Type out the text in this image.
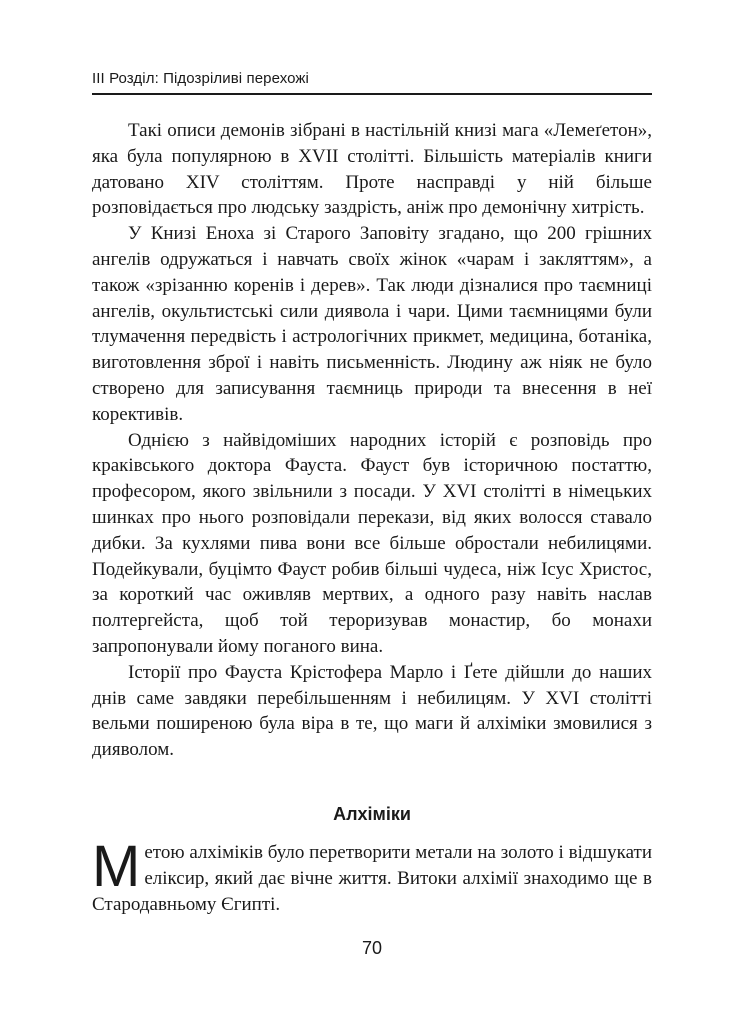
III Розділ: Підозріливі перехожі

Такі описи демонів зібрані в настільній книзі мага «Лемеґетон», яка була популярною в XVII столітті. Більшість матеріалів книги датовано XIV століттям. Проте насправді у ній більше розповідається про людську заздрість, аніж про демонічну хитрість.

У Книзі Еноха зі Старого Заповіту згадано, що 200 грішних ангелів одружаться і навчать своїх жінок «чарам і закляттям», а також «зрізанню коренів і дерев». Так люди дізналися про таємниці ангелів, окультистські сили диявола і чари. Цими таємницями були тлумачення передвість і астрологічних прикмет, медицина, ботаніка, виготовлення зброї і навіть письменність. Людину аж ніяк не було створено для записування таємниць природи та внесення в неї корективів.

Однією з найвідоміших народних історій є розповідь про краківського доктора Фауста. Фауст був історичною постаттю, професором, якого звільнили з посади. У XVI столітті в німецьких шинках про нього розповідали перекази, від яких волосся ставало дибки. За кухлями пива вони все більше обростали небилицями. Подейкували, буцімто Фауст робив більші чудеса, ніж Ісус Христос, за короткий час оживляв мертвих, а одного разу навіть наслав полтергейста, щоб той тероризував монастир, бо монахи запропонували йому поганого вина.

Історії про Фауста Крістофера Марло і Ґете дійшли до наших днів саме завдяки перебільшенням і небилицям. У XVI столітті вельми поширеною була віра в те, що маги й алхіміки змовилися з дияволом.

Алхіміки

Метою алхіміків було перетворити метали на золото і відшукати еліксир, який дає вічне життя. Витоки алхімії знаходимо ще в Стародавньому Єгипті.

70
